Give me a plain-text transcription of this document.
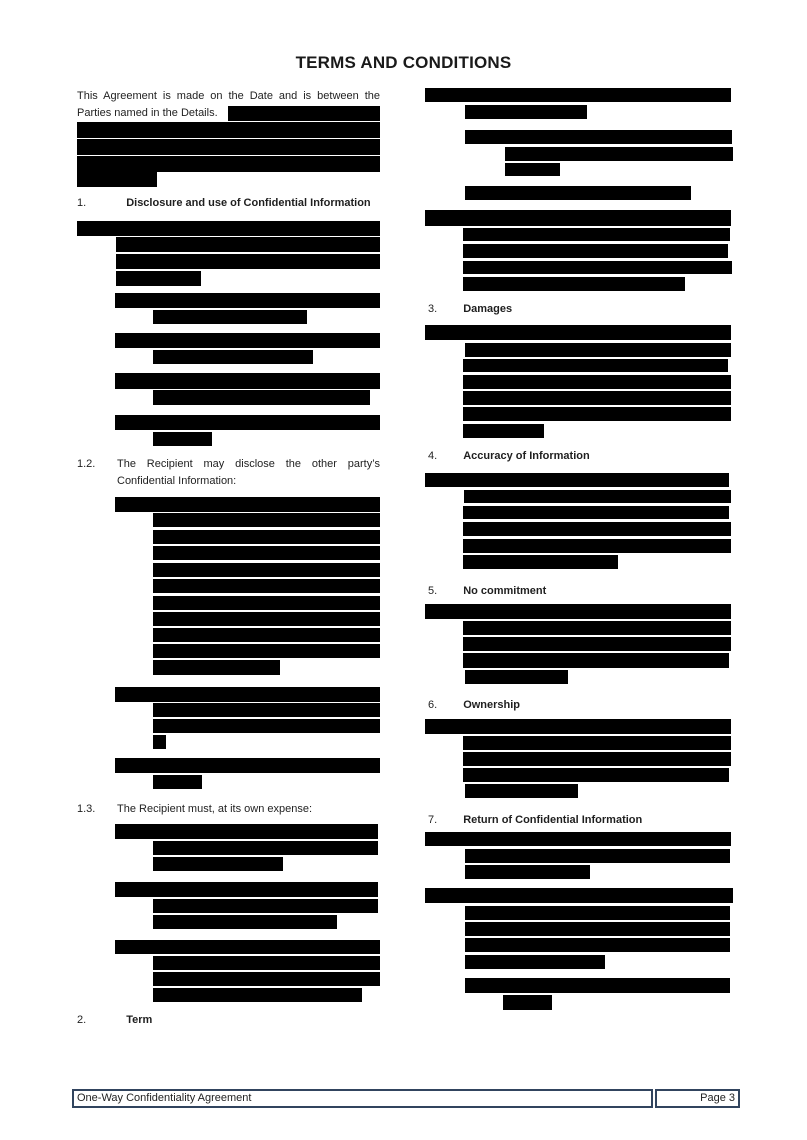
TERMS AND CONDITIONS
This Agreement is made on the Date and is between the
Parties named in the Details.
1.	Disclosure and use of Confidential Information
1.2. The Recipient may disclose the other party’s
Confidential Information:
1.3. The Recipient must, at its own expense:
2.	Term
3. Damages
4. Accuracy of Information
5. No commitment
6. Ownership
7. Return of Confidential Information
One-Way Confidentiality Agreement	Page 3
